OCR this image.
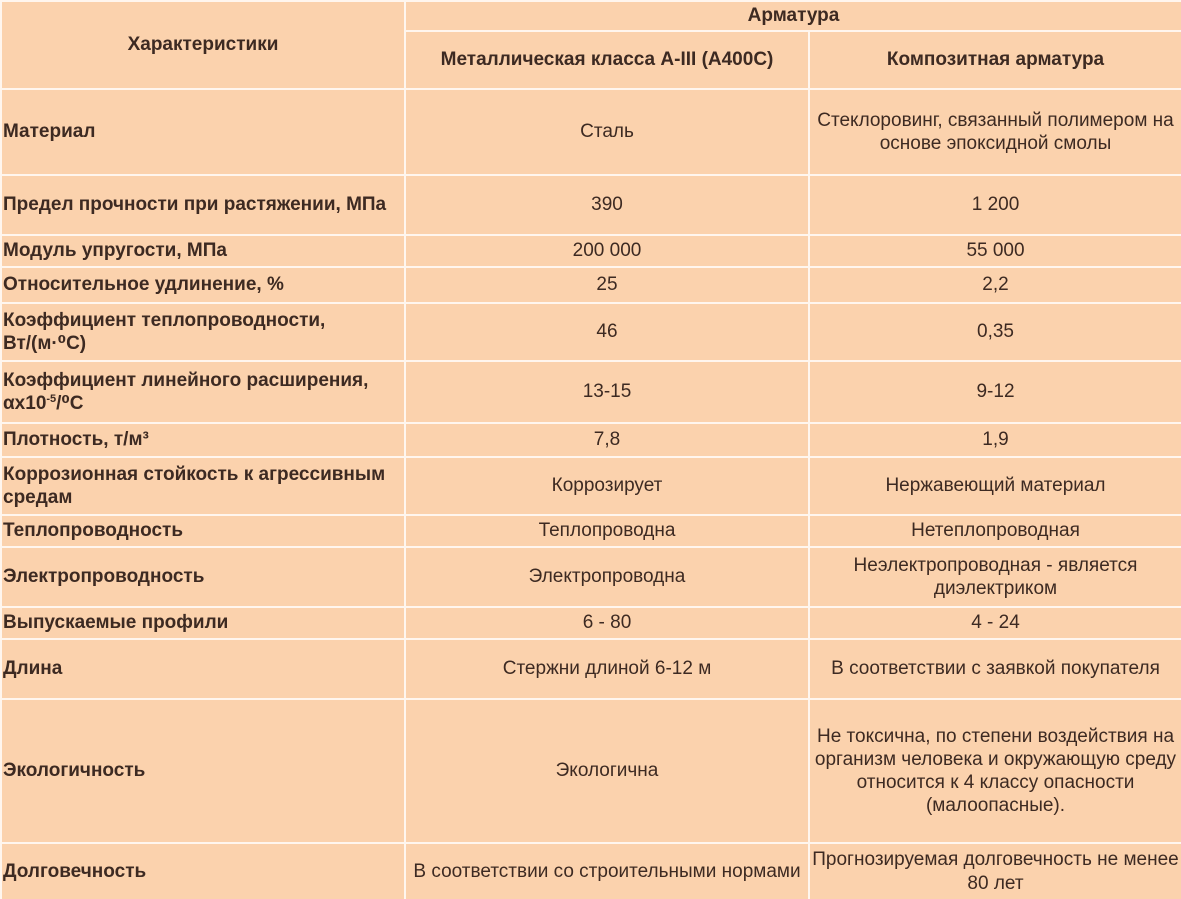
Характеристики	Арматура	
	Металлическая класса А-III (А400С)	Композитная арматура
Материал	Сталь	Стеклоровинг, связанный полимером на основе эпоксидной смолы
Предел прочности при растяжении, МПа	390	1 200
Модуль упругости, МПа	200 000	55 000
Относительное удлинение, %	25	2,2
Коэффициент теплопроводности, Вт/(м·⁰С)	46	0,35
Коэффициент линейного расширения, $\alpha х10^{-5}/^0С$	13-15	9-12
Плотность, т/м³	7,8	1,9
Коррозионная стойкость к агрессивным средам	Коррозирует	Нержавеющий материал
Теплопроводность	Теплопроводна	Нетеплопроводная
Электропроводность	Электропроводна	Неэлектропроводная - является диэлектриком
Выпускаемые профили	6 - 80	4 - 24
Длина	Стержни длиной 6-12 м	В соответствии с заявкой покупателя
Экологичность	Экологична	Не токсична, по степени воздействия на организм человека и окружающую среду относится к 4 классу опасности (малоопасные).
Долговечность	В соответствии со строительными нормами	Прогнозируемая долговечность не менее 80 лет
